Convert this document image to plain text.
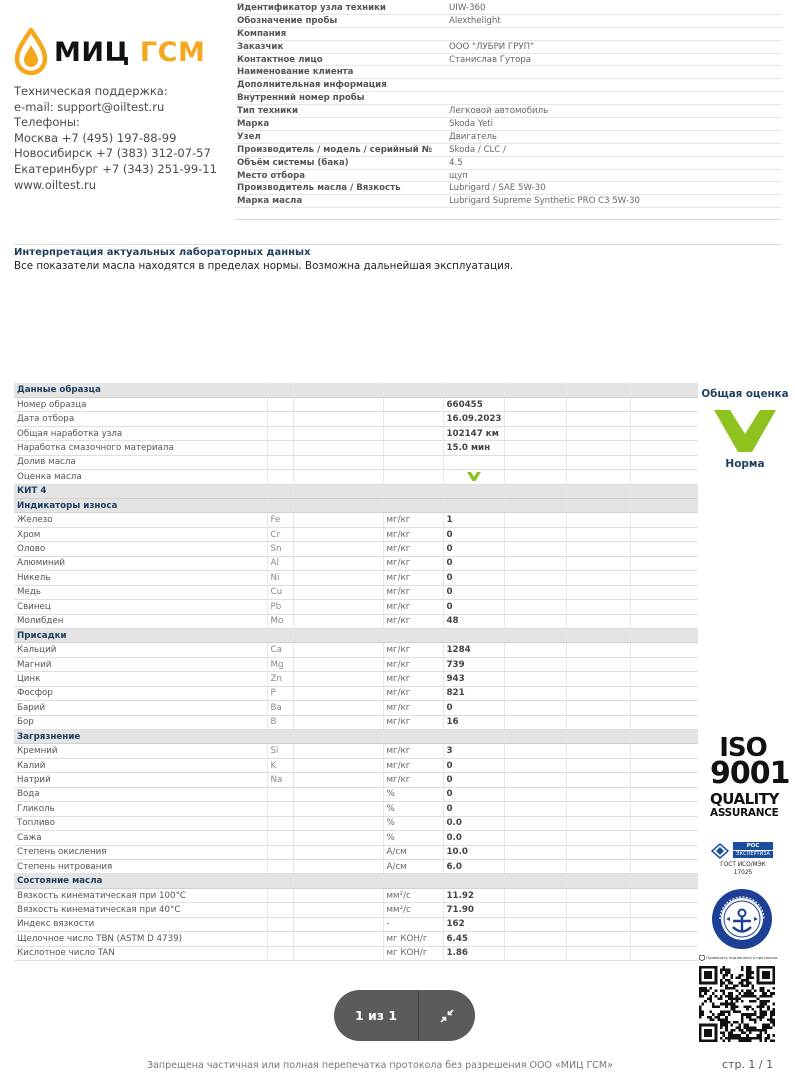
МИЦ ГСМ
Техническая поддержка:
e-mail: support@oiltest.ru
Телефоны:
Москва +7 (495) 197-88-99
Новосибирск +7 (383) 312-07-57
Екатеринбург +7 (343) 251-99-11
www.oiltest.ru
Идентификатор узла техники	UIW-360
Обозначение пробы	Alexthelight
Компания
Заказчик	ООО "ЛУБРИ ГРУП"
Контактное лицо	Станислав Гутора
Наименование клиента
Дополнительная информация
Внутренний номер пробы
Тип техники	Легковой автомобиль
Марка	Skoda Yeti
Узел	Двигатель
Производитель / модель / серийный №	Skoda / CLC /
Объём системы (бака)	4.5
Место отбора	щуп
Производитель масла / Вязкость	Lubrigard / SAE 5W-30
Марка масла	Lubrigard Supreme Synthetic PRO C3 5W-30
Интерпретация актуальных лабораторных данных
Все показатели масла находятся в пределах нормы. Возможна дальнейшая эксплуатация.
Данные образца							
Номер образца				660455			
Дата отбора				16.09.2023			
Общая наработка узла				102147 км			
Наработка смазочного материала				15.0 мин			
Долив масла							
Оценка масла							
КИТ 4							
Индикаторы износа							
Железо	Fe		мг/кг	1			
Хром	Cr		мг/кг	0			
Олово	Sn		мг/кг	0			
Алюминий	Al		мг/кг	0			
Никель	Ni		мг/кг	0			
Медь	Cu		мг/кг	0			
Свинец	Pb		мг/кг	0			
Молибден	Mo		мг/кг	48			
Присадки							
Кальций	Ca		мг/кг	1284			
Магний	Mg		мг/кг	739			
Цинк	Zn		мг/кг	943			
Фосфор	P		мг/кг	821			
Барий	Ba		мг/кг	0			
Бор	B		мг/кг	16			
Загрязнение							
Кремний	Si		мг/кг	3			
Калий	K		мг/кг	0			
Натрий	Na		мг/кг	0			
Вода			%	0			
Гликоль			%	0			
Топливо			%	0.0			
Сажа			%	0.0			
Степень окисления			A/см	10.0			
Степень нитрования			A/см	6.0			
Состояние масла							
Вязкость кинематическая при 100°C			мм²/с	11.92			
Вязкость кинематическая при 40°C			мм²/с	71.90			
Индекс вязкости			-	162			
Щелочное число TBN (ASTM D 4739)			мг КОН/г	6.45			
Кислотное число TAN			мг КОН/г	1.86			
Общая оценка
Норма
ISO
9001
QUALITY
ASSURANCE
РОС
ЭКСПЕРТИЗА
ГОСТ ИСО/МЭК
17025
Проверить подлинность протокола
1 из 1
Запрещена частичная или полная перепечатка протокола без разрешения ООО «МИЦ ГСМ»	стр. 1 / 1
